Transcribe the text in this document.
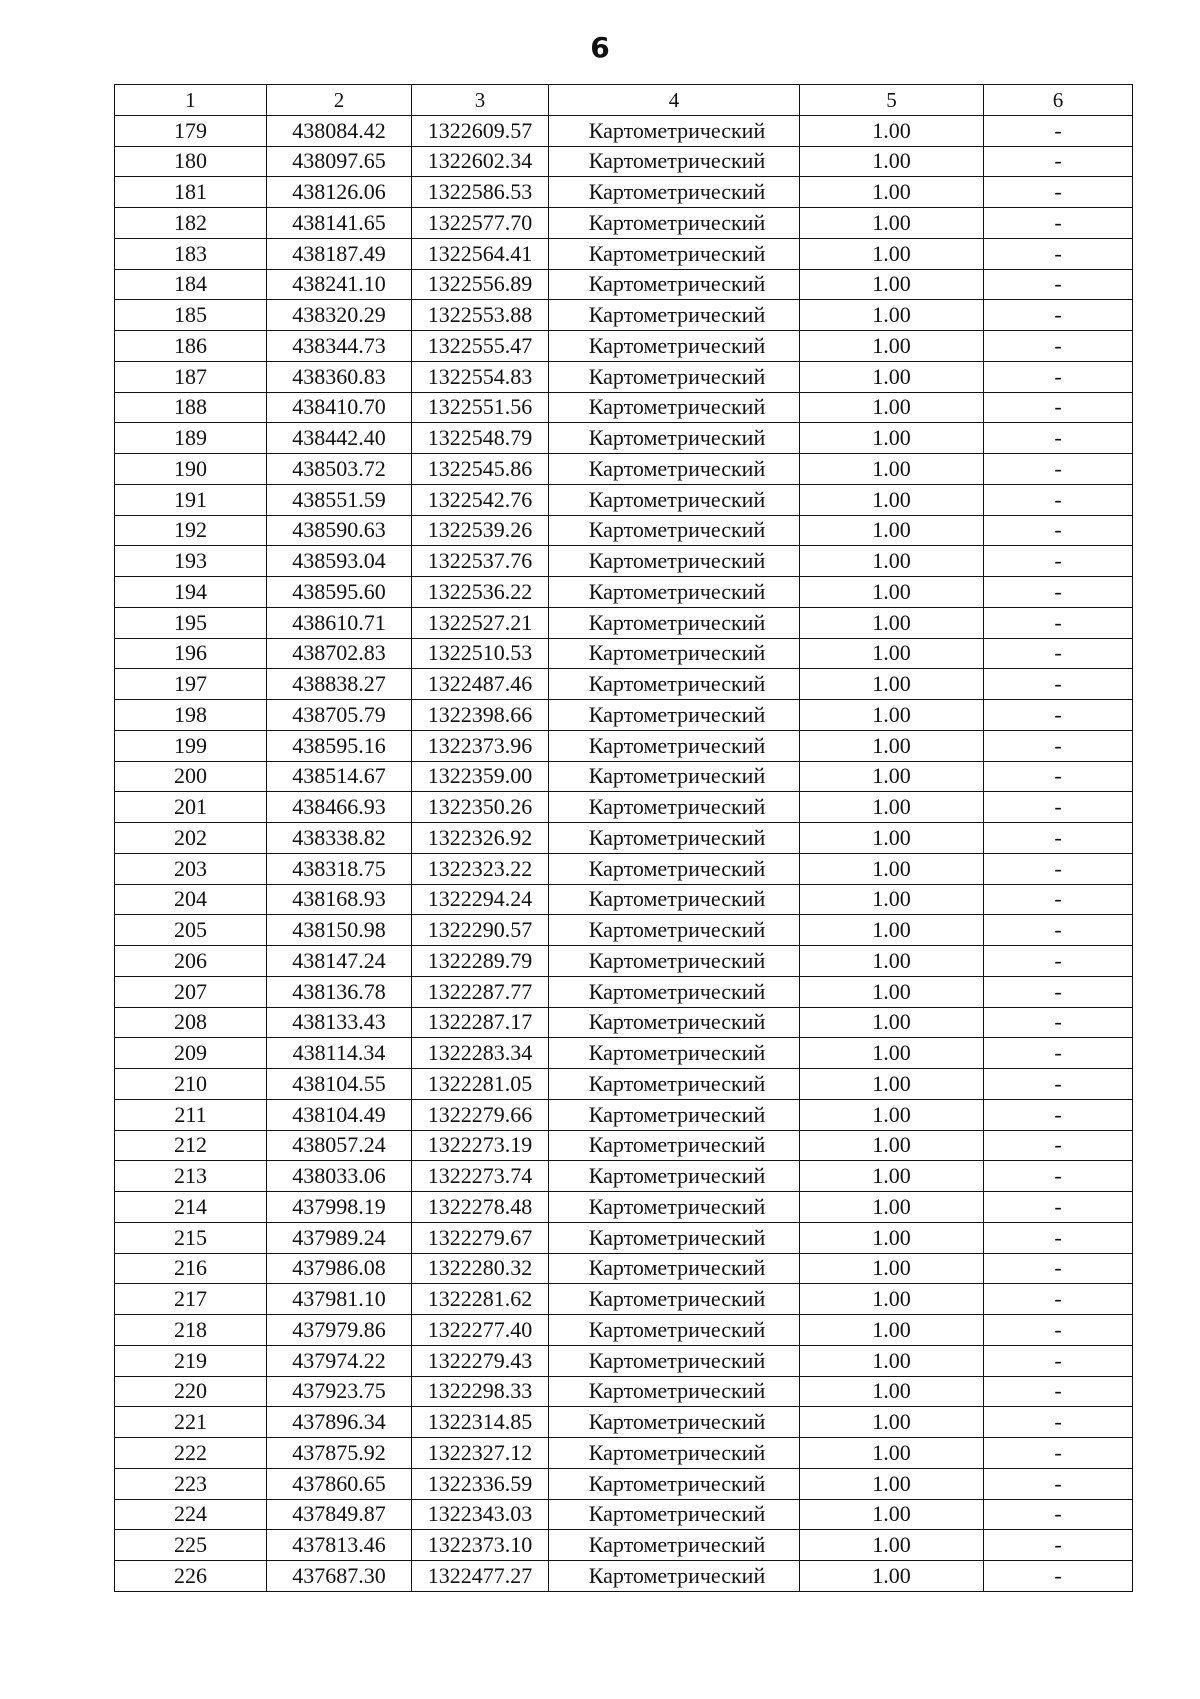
6
1	2	3	4	5	6
179	438084.42	1322609.57	Картометрический	1.00	-
180	438097.65	1322602.34	Картометрический	1.00	-
181	438126.06	1322586.53	Картометрический	1.00	-
182	438141.65	1322577.70	Картометрический	1.00	-
183	438187.49	1322564.41	Картометрический	1.00	-
184	438241.10	1322556.89	Картометрический	1.00	-
185	438320.29	1322553.88	Картометрический	1.00	-
186	438344.73	1322555.47	Картометрический	1.00	-
187	438360.83	1322554.83	Картометрический	1.00	-
188	438410.70	1322551.56	Картометрический	1.00	-
189	438442.40	1322548.79	Картометрический	1.00	-
190	438503.72	1322545.86	Картометрический	1.00	-
191	438551.59	1322542.76	Картометрический	1.00	-
192	438590.63	1322539.26	Картометрический	1.00	-
193	438593.04	1322537.76	Картометрический	1.00	-
194	438595.60	1322536.22	Картометрический	1.00	-
195	438610.71	1322527.21	Картометрический	1.00	-
196	438702.83	1322510.53	Картометрический	1.00	-
197	438838.27	1322487.46	Картометрический	1.00	-
198	438705.79	1322398.66	Картометрический	1.00	-
199	438595.16	1322373.96	Картометрический	1.00	-
200	438514.67	1322359.00	Картометрический	1.00	-
201	438466.93	1322350.26	Картометрический	1.00	-
202	438338.82	1322326.92	Картометрический	1.00	-
203	438318.75	1322323.22	Картометрический	1.00	-
204	438168.93	1322294.24	Картометрический	1.00	-
205	438150.98	1322290.57	Картометрический	1.00	-
206	438147.24	1322289.79	Картометрический	1.00	-
207	438136.78	1322287.77	Картометрический	1.00	-
208	438133.43	1322287.17	Картометрический	1.00	-
209	438114.34	1322283.34	Картометрический	1.00	-
210	438104.55	1322281.05	Картометрический	1.00	-
211	438104.49	1322279.66	Картометрический	1.00	-
212	438057.24	1322273.19	Картометрический	1.00	-
213	438033.06	1322273.74	Картометрический	1.00	-
214	437998.19	1322278.48	Картометрический	1.00	-
215	437989.24	1322279.67	Картометрический	1.00	-
216	437986.08	1322280.32	Картометрический	1.00	-
217	437981.10	1322281.62	Картометрический	1.00	-
218	437979.86	1322277.40	Картометрический	1.00	-
219	437974.22	1322279.43	Картометрический	1.00	-
220	437923.75	1322298.33	Картометрический	1.00	-
221	437896.34	1322314.85	Картометрический	1.00	-
222	437875.92	1322327.12	Картометрический	1.00	-
223	437860.65	1322336.59	Картометрический	1.00	-
224	437849.87	1322343.03	Картометрический	1.00	-
225	437813.46	1322373.10	Картометрический	1.00	-
226	437687.30	1322477.27	Картометрический	1.00	-
